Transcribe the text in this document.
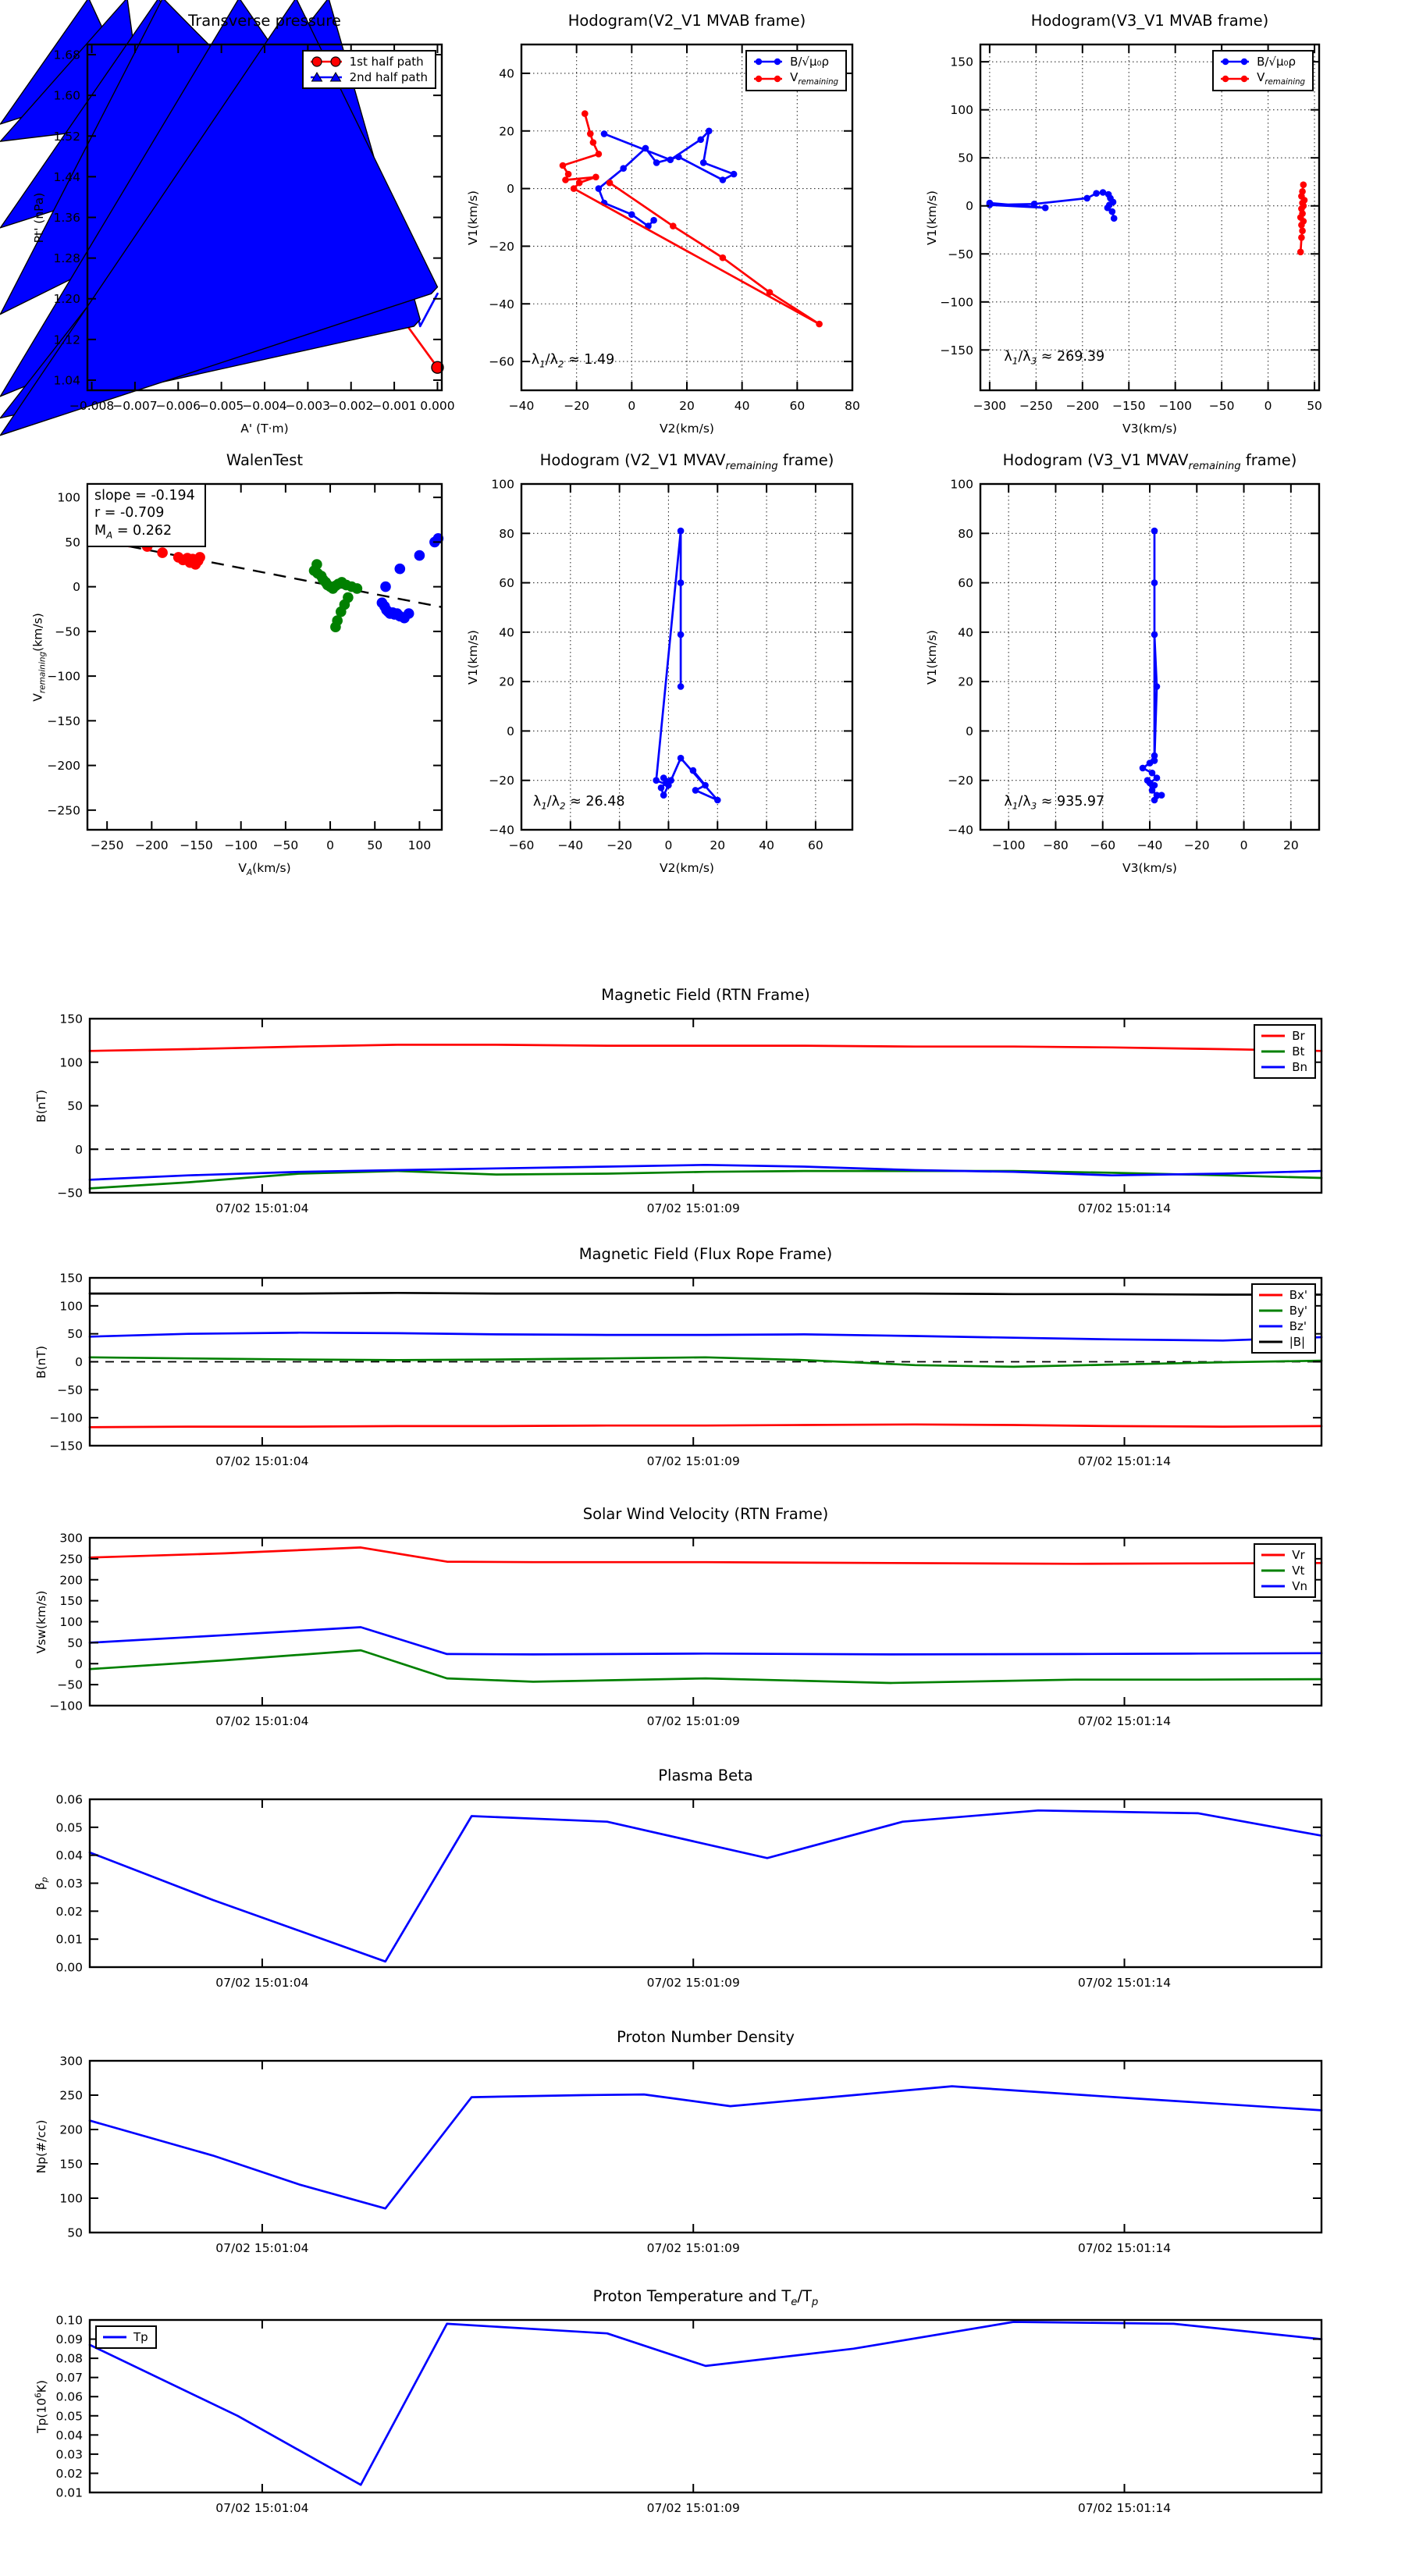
−0.008
−0.007
−0.006
−0.005
−0.004
−0.003
−0.002
−0.001 0.000
1.04
1.12
1.20
1.28
1.36
1.44
1.52
1.60
1.68
Transverse pressure
A' (T·m)
Pt' (nPa)
1st half path
2nd half path
−40 −20	0	20	40	60	80
−60
−40
−20
0
20
40
Hodogram(V2_V1 MVAB frame)
V2(km/s)
V1(km/s)
B/√μ₀ρ
$V_{remaining}$
$\lambda_1/\lambda_2 \approx 1.49$
−300 −250 −200 −150 −100 −50 0	50
−150
−100
−50
0
50
100
150
Hodogram(V3_V1 MVAB frame)
V3(km/s)
V1(km/s)
B/√μ₀ρ
$V_{remaining}$
$\lambda_1/\lambda_3 \approx 269.39$
−250 −200 −150 −100 −50 0	50 100
−250
−200
−150
−100
−50
0
50
100
WalenTest
$V_A(km/s)$
$V_{remaining}(km/s)$
slope = -0.194
r = -0.709
$M_A = 0.262$
−60 −40 −20	0	20	40	60
−40
−20
0
20
40
60
80
100
Hodogram (V2_V1 $MVAV_{remaining}$ frame)
V2(km/s)
V1(km/s)
$\lambda_1/\lambda_2 \approx 26.48$
−100 −80 −60 −40 −20	0	20
−40
−20
0
20
40
60
80
100
Hodogram (V3_V1 $MVAV_{remaining}$ frame)
V3(km/s)
V1(km/s)
$\lambda_1/\lambda_3 \approx 935.97$
07/02 15:01:04	07/02 15:01:09	07/02 15:01:14
−50
0
50
100
150
Magnetic Field (RTN Frame)
B(nT)
Br
Bt
Bn
07/02 15:01:04	07/02 15:01:09	07/02 15:01:14
−150
−100
−50
0
50
100
150
Magnetic Field (Flux Rope Frame)
B(nT)
Bx'
By'
Bz'
|B|
07/02 15:01:04	07/02 15:01:09	07/02 15:01:14
−100
−50
0
50
100
150
200
250
300
Solar Wind Velocity (RTN Frame)
Vsw(km/s)
Vr
Vt
Vn
07/02 15:01:04	07/02 15:01:09	07/02 15:01:14
0.00
0.01
0.02
0.03
0.04
0.05
0.06
Plasma Beta
$\beta_p$
07/02 15:01:04	07/02 15:01:09	07/02 15:01:14
50
100
150
200
250
300
Proton Number Density
Np(#/cc)
07/02 15:01:04	07/02 15:01:09	07/02 15:01:14
0.01
0.02
0.03
0.04
0.05
0.06
0.07
0.08
0.09
0.10
Proton Temperature and $T_e/T_p$
$Tp(10^6K)$
Tp
